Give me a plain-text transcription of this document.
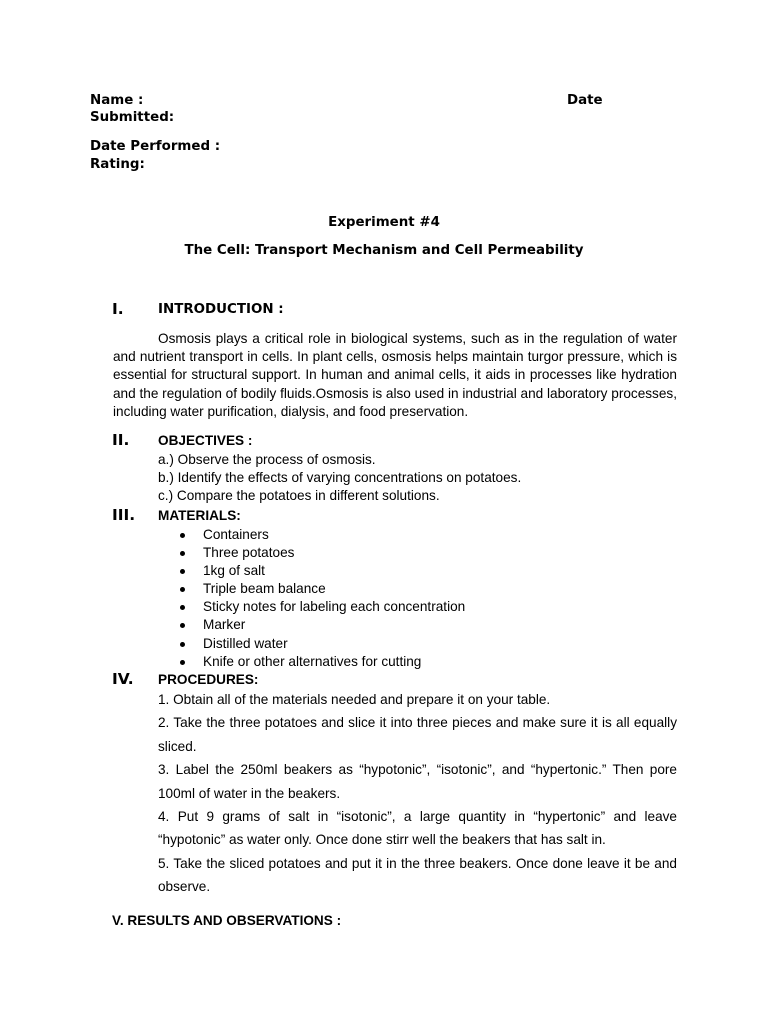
Name :	Date
Submitted:
Date Performed :
Rating:
Experiment #4
The Cell: Transport Mechanism and Cell Permeability
I.	INTRODUCTION :
Osmosis plays a critical role in biological systems, such as in the regulation of water and nutrient transport in cells. In plant cells, osmosis helps maintain turgor pressure, which is essential for structural support. In human and animal cells, it aids in processes like hydration and the regulation of bodily fluids.Osmosis is also used in industrial and laboratory processes, including water purification, dialysis, and food preservation.
II. OBJECTIVES :
a.) Observe the process of osmosis.
b.) Identify the effects of varying concentrations on potatoes.
c.) Compare the potatoes in different solutions.
III. MATERIALS:
Containers
Three potatoes
1kg of salt
Triple beam balance
Sticky notes for labeling each concentration
Marker
Distilled water
Knife or other alternatives for cutting
IV. PROCEDURES:
1. Obtain all of the materials needed and prepare it on your table.
2. Take the three potatoes and slice it into three pieces and make sure it is all equally sliced.
3. Label the 250ml beakers as “hypotonic”, “isotonic”, and “hypertonic.” Then pore 100ml of water in the beakers.
4. Put 9 grams of salt in “isotonic”, a large quantity in “hypertonic” and leave “hypotonic” as water only. Once done stirr well the beakers that has salt in.
5. Take the sliced potatoes and put it in the three beakers. Once done leave it be and observe.
V. RESULTS AND OBSERVATIONS :
